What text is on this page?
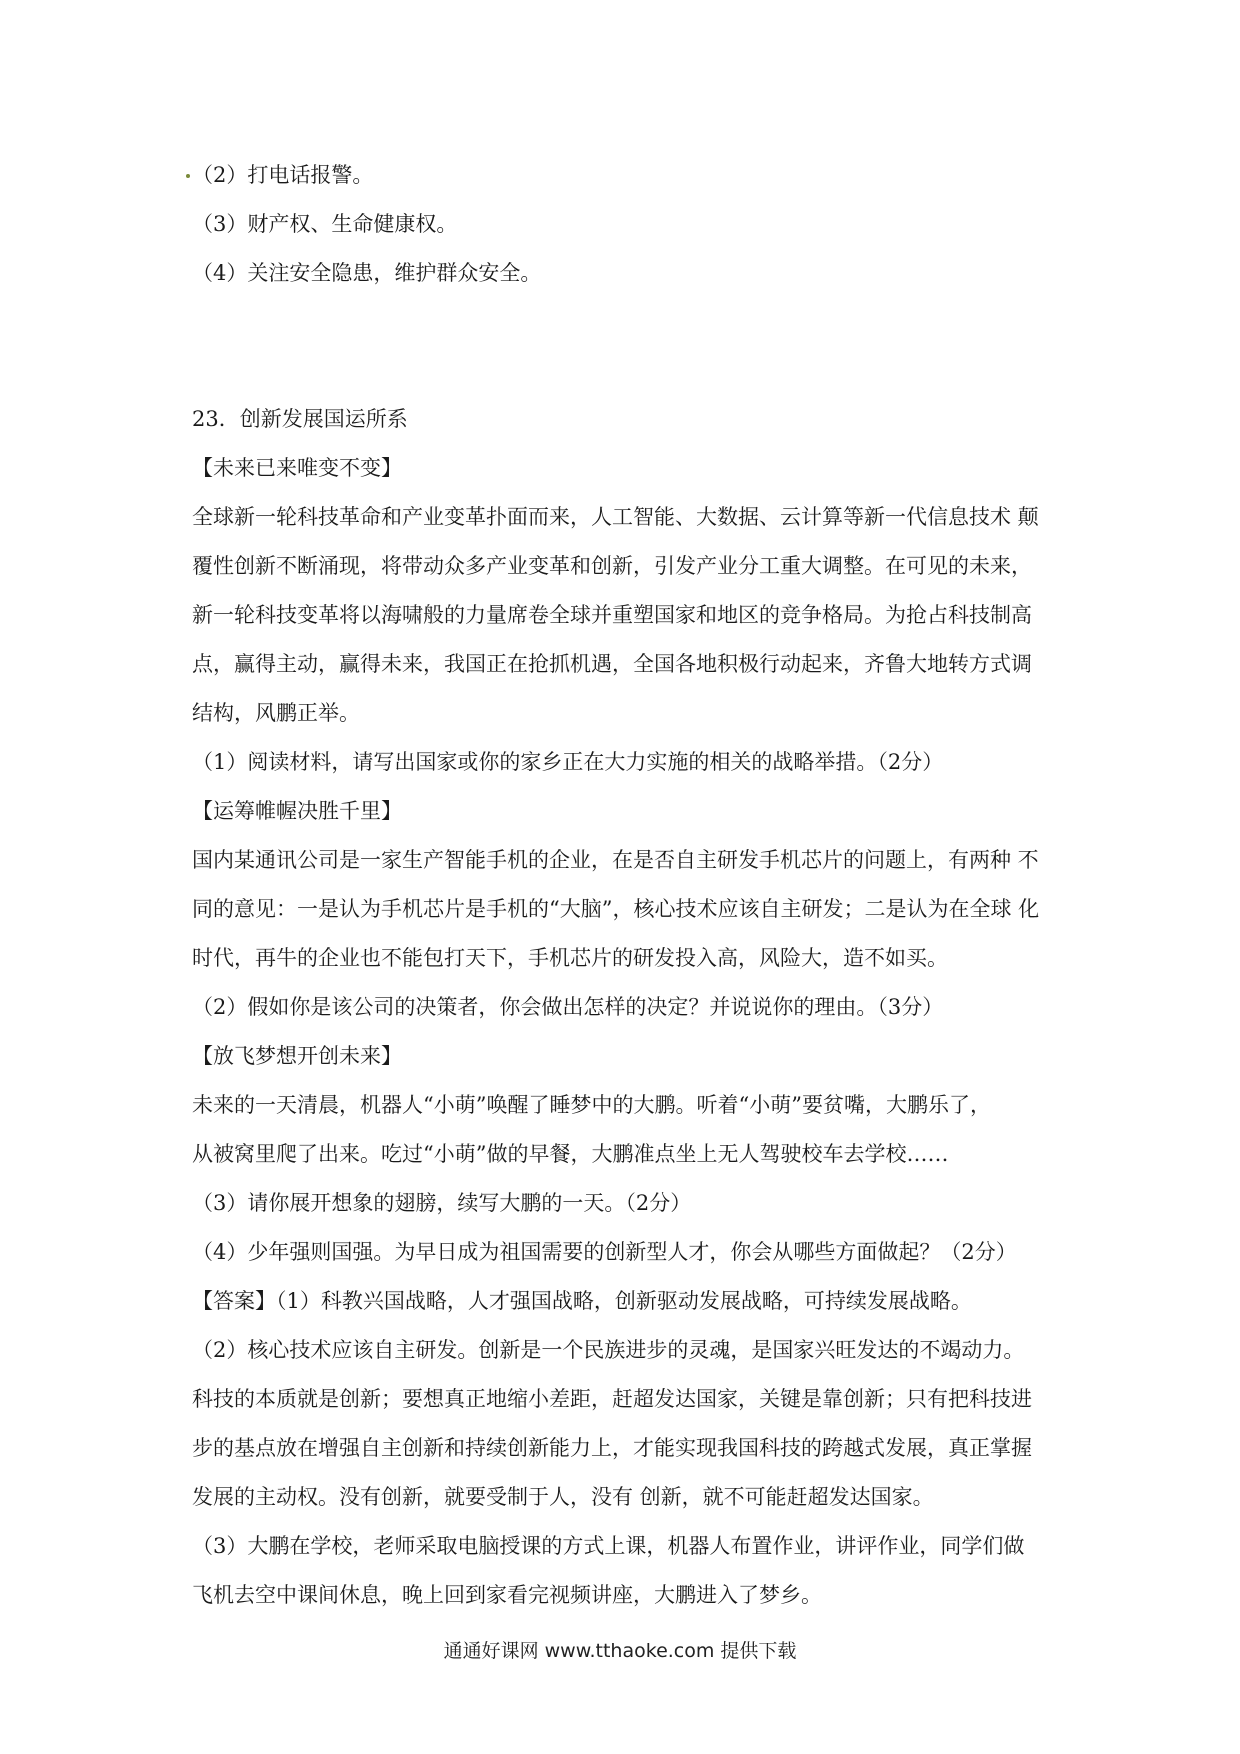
（2）打电话报警。
（3）财产权、生命健康权。
（4）关注安全隐患，维护群众安全。
23．创新发展国运所系
【未来已来唯变不变】
全球新一轮科技革命和产业变革扑面而来，人工智能、大数据、云计算等新一代信息技术 颠
覆性创新不断涌现，将带动众多产业变革和创新，引发产业分工重大调整。在可见的未来，
新一轮科技变革将以海啸般的力量席卷全球并重塑国家和地区的竞争格局。为抢占科技制高
点，赢得主动，赢得未来，我国正在抢抓机遇，全国各地积极行动起来，齐鲁大地转方式调
结构，风鹏正举。
（1）阅读材料，请写出国家或你的家乡正在大力实施的相关的战略举措。（2分）
【运筹帷幄决胜千里】
国内某通讯公司是一家生产智能手机的企业，在是否自主研发手机芯片的问题上，有两种 不
同的意见：一是认为手机芯片是手机的“大脑”，核心技术应该自主研发；二是认为在全球 化
时代，再牛的企业也不能包打天下，手机芯片的研发投入高，风险大，造不如买。
（2）假如你是该公司的决策者，你会做出怎样的决定？并说说你的理由。（3分）
【放飞梦想开创未来】
未来的一天清晨，机器人“小萌”唤醒了睡梦中的大鹏。听着“小萌”要贫嘴，大鹏乐了，
从被窝里爬了出来。吃过“小萌”做的早餐，大鹏准点坐上无人驾驶校车去学校……
（3）请你展开想象的翅膀，续写大鹏的一天。（2分）
（4）少年强则国强。为早日成为祖国需要的创新型人才，你会从哪些方面做起？（2分）
【答案】（1）科教兴国战略，人才强国战略，创新驱动发展战略，可持续发展战略。
（2）核心技术应该自主研发。创新是一个民族进步的灵魂，是国家兴旺发达的不竭动力。
科技的本质就是创新；要想真正地缩小差距，赶超发达国家，关键是靠创新；只有把科技进
步的基点放在增强自主创新和持续创新能力上，才能实现我国科技的跨越式发展，真正掌握
发展的主动权。没有创新，就要受制于人，没有 创新，就不可能赶超发达国家。
（3）大鹏在学校，老师采取电脑授课的方式上课，机器人布置作业，讲评作业，同学们做
飞机去空中课间休息，晚上回到家看完视频讲座，大鹏进入了梦乡。
通通好课网 www.tthaoke.com 提供下载
